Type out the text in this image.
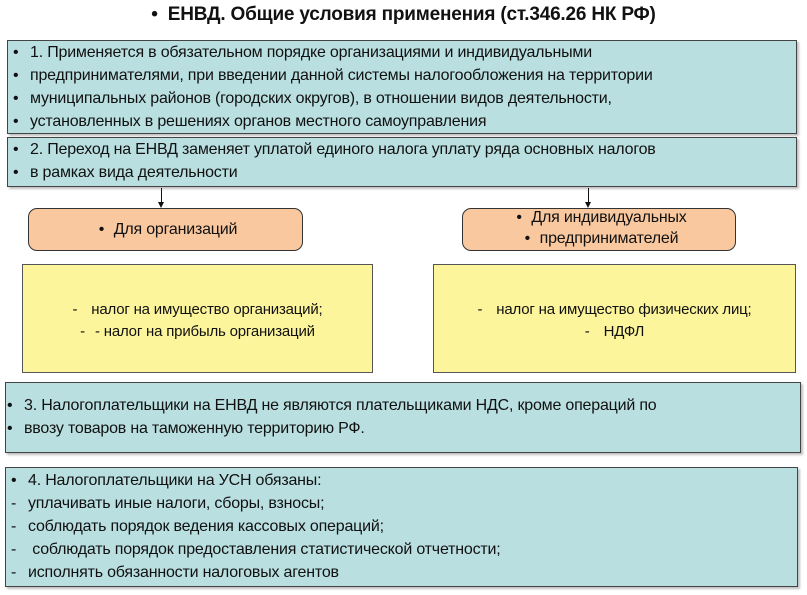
• ЕНВД. Общие условия применения (ст.346.26 НК РФ)
• 1. Применяется в обязательном порядке организациями и индивидуальными
• предпринимателями, при введении данной системы налогообложения на территории
• муниципальных районов (городских округов), в отношении видов деятельности,
• установленных в решениях органов местного самоуправления
• 2. Переход на ЕНВД заменяет уплатой единого налога уплату ряда основных налогов
• в рамках вида деятельности
• Для организаций
• Для индивидуальных
• предпринимателей
- налог на имущество организаций;
- - налог на прибыль организаций
- налог на имущество физических лиц;
- НДФЛ
• 3. Налогоплательщики на ЕНВД не являются плательщиками НДС, кроме операций по
• ввозу товаров на таможенную территорию РФ.
• 4. Налогоплательщики на УСН обязаны:
- уплачивать иные налоги, сборы, взносы;
- соблюдать порядок ведения кассовых операций;
- соблюдать порядок предоставления статистической отчетности;
- исполнять обязанности налоговых агентов
